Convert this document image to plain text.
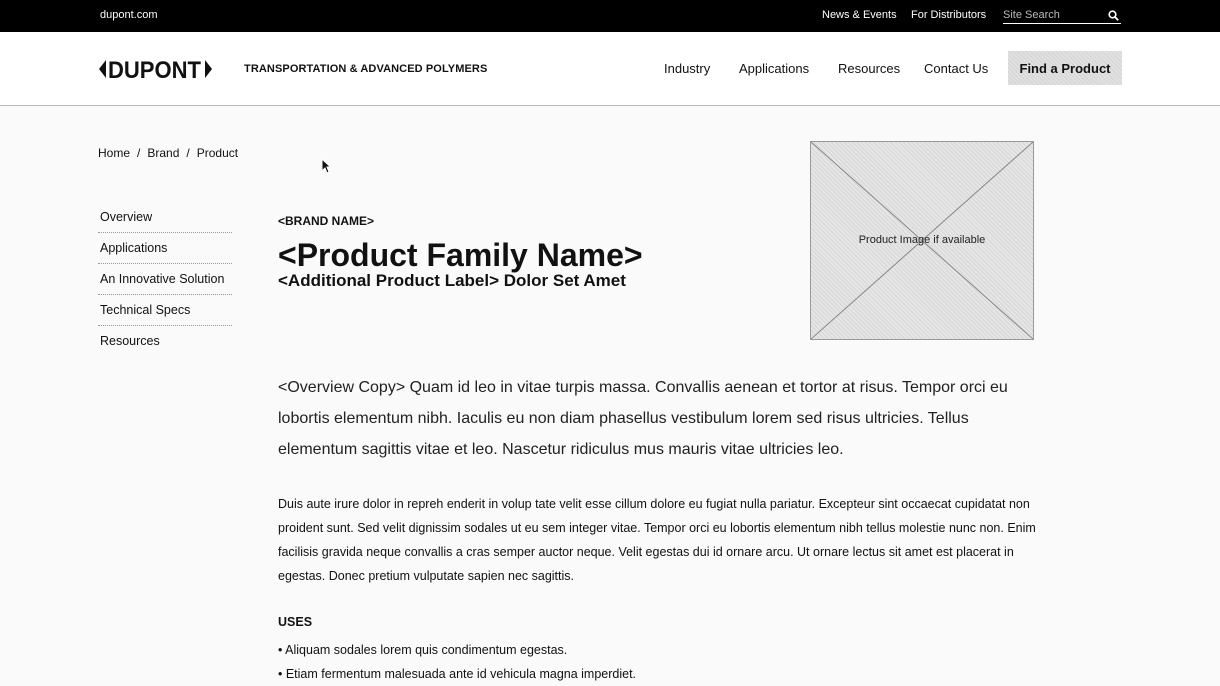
dupont.com	News & Events For Distributors
Site Search
DUPONT	TRANSPORTATION & ADVANCED POLYMERS	Industry Applications Resources Contact Us	Find a Product
Home / Brand / Product
Overview
Applications
An Innovative Solution
Technical Specs
Resources
<BRAND NAME>
<Product Family Name>
<Additional Product Label> Dolor Set Amet
Product Image if available
<Overview Copy> Quam id leo in vitae turpis massa. Convallis aenean et tortor at risus. Tempor orci eu lobortis elementum nibh. Iaculis eu non diam phasellus vestibulum lorem sed risus ultricies. Tellus elementum sagittis vitae et leo. Nascetur ridiculus mus mauris vitae ultricies leo.
Duis aute irure dolor in repreh enderit in volup tate velit esse cillum dolore eu fugiat nulla pariatur. Excepteur sint occaecat cupidatat non proident sunt. Sed velit dignissim sodales ut eu sem integer vitae. Tempor orci eu lobortis elementum nibh tellus molestie nunc non. Enim facilisis gravida neque convallis a cras semper auctor neque. Velit egestas dui id ornare arcu. Ut ornare lectus sit amet est placerat in egestas. Donec pretium vulputate sapien nec sagittis.
USES
• Aliquam sodales lorem quis condimentum egestas.
• Etiam fermentum malesuada ante id vehicula magna imperdiet.
